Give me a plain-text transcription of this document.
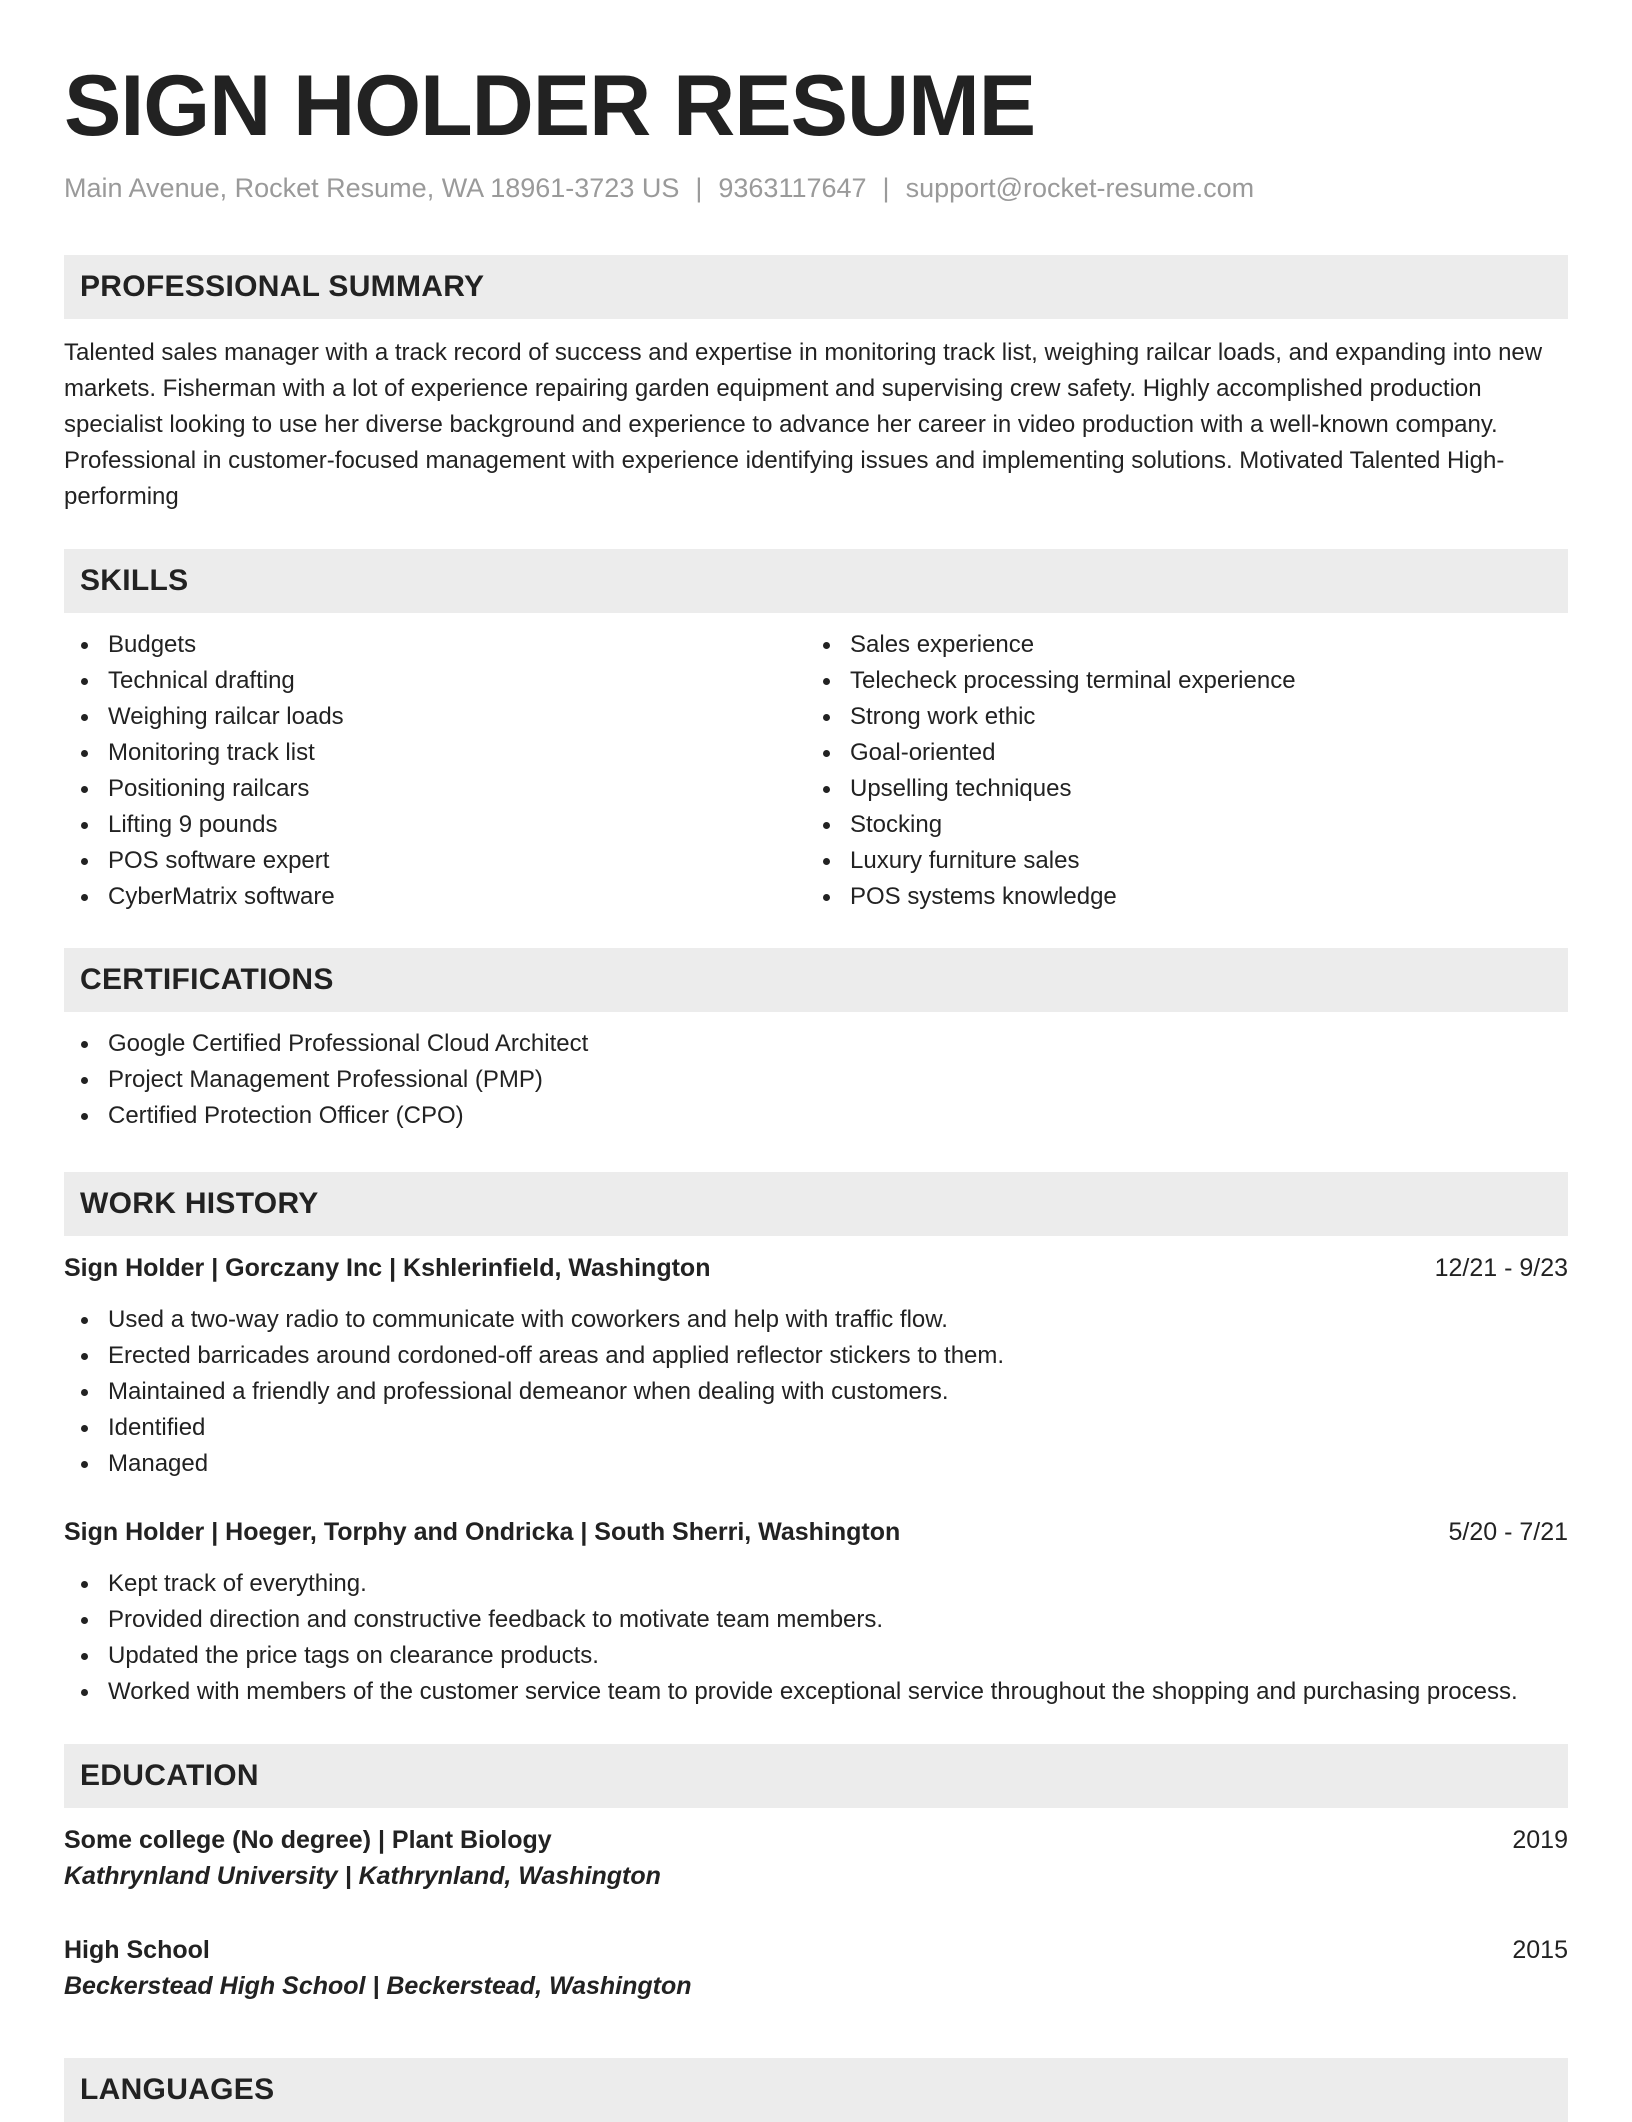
SIGN HOLDER RESUME
Main Avenue, Rocket Resume, WA 18961-3723 US | 9363117647 | support@rocket-resume.com
PROFESSIONAL SUMMARY
Talented sales manager with a track record of success and expertise in monitoring track list, weighing railcar loads, and expanding into new markets. Fisherman with a lot of experience repairing garden equipment and supervising crew safety. Highly accomplished production specialist looking to use her diverse background and experience to advance her career in video production with a well-known company. Professional in customer-focused management with experience identifying issues and implementing solutions. Motivated Talented High-performing
SKILLS
Budgets
Technical drafting
Weighing railcar loads
Monitoring track list
Positioning railcars
Lifting 9 pounds
POS software expert
CyberMatrix software
Sales experience
Telecheck processing terminal experience
Strong work ethic
Goal-oriented
Upselling techniques
Stocking
Luxury furniture sales
POS systems knowledge
CERTIFICATIONS
Google Certified Professional Cloud Architect
Project Management Professional (PMP)
Certified Protection Officer (CPO)
WORK HISTORY
Sign Holder | Gorczany Inc | Kshlerinfield, Washington	12/21 - 9/23
Used a two-way radio to communicate with coworkers and help with traffic flow.
Erected barricades around cordoned-off areas and applied reflector stickers to them.
Maintained a friendly and professional demeanor when dealing with customers.
Identified
Managed
Sign Holder | Hoeger, Torphy and Ondricka | South Sherri, Washington	5/20 - 7/21
Kept track of everything.
Provided direction and constructive feedback to motivate team members.
Updated the price tags on clearance products.
Worked with members of the customer service team to provide exceptional service throughout the shopping and purchasing process.
EDUCATION
Some college (No degree) | Plant Biology	2019
Kathrynland University | Kathrynland, Washington
High School	2015
Beckerstead High School | Beckerstead, Washington
LANGUAGES
